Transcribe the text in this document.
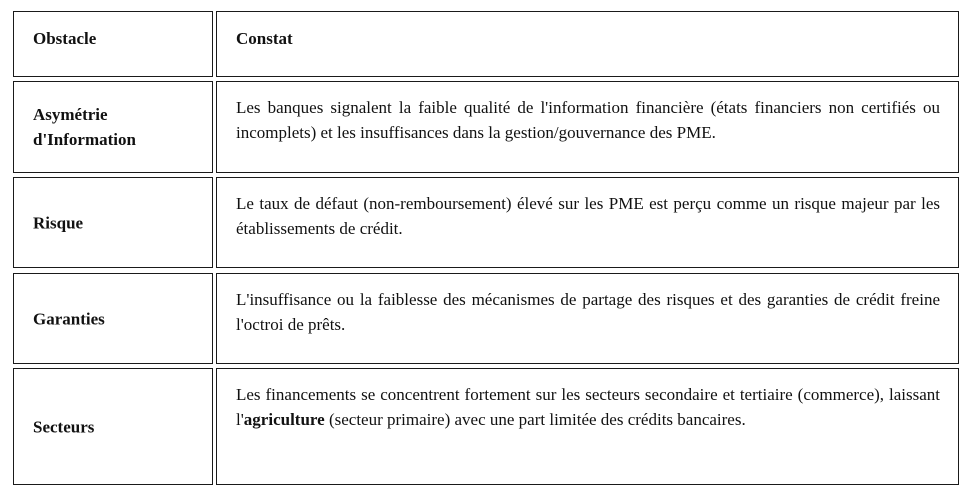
Obstacle	Constat
Asymétrie
d'Information
Les banques signalent la faible qualité de l'information financière (états financiers non certifiés ou incomplets) et les insuffisances dans la gestion/gouvernance des PME.
Risque
Le taux de défaut (non-remboursement) élevé sur les PME est perçu comme un risque majeur par les établissements de crédit.
Garanties
L'insuffisance ou la faiblesse des mécanismes de partage des risques et des garanties de crédit freine l'octroi de prêts.
Secteurs
Les financements se concentrent fortement sur les secteurs secondaire et tertiaire (commerce), laissant l'agriculture (secteur primaire) avec une part limitée des crédits bancaires.
